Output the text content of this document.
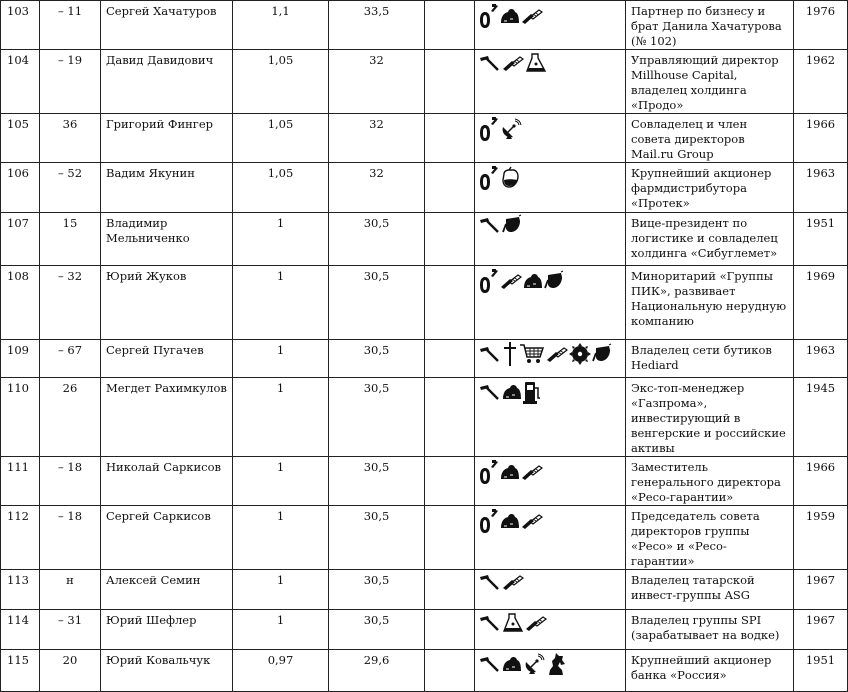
103	– 11	Сергей Хачатуров	1,1	33,5			Партнер по бизнесу и брат Данила Хачатурова (№ 102)	1976
104	– 19	Давид Давидович	1,05	32			Управляющий директор Millhouse Capital, владелец холдинга «Продо»	1962
105	36	Григорий Фингер	1,05	32			Совладелец и член совета директоров Mail.ru Group	1966
106	– 52	Вадим Якунин	1,05	32			Крупнейший акционер фармдистрибутора «Протек»	1963
107	15	Владимир Мельниченко	1	30,5			Вице-президент по логистике и совладелец холдинга «Сибуглемет»	1951
108	– 32	Юрий Жуков	1	30,5			Миноритарий «Группы ПИК», развивает Национальную нерудную компанию	1969
109	– 67	Сергей Пугачев	1	30,5			Владелец сети бутиков Hediard	1963
110	26	Мегдет Рахимкулов	1	30,5			Экс-топ-менеджер «Газпрома», инвестирующий в венгерские и российские активы	1945
111	– 18	Николай Саркисов	1	30,5			Заместитель генерального директора «Ресо-гарантии»	1966
112	– 18	Сергей Саркисов	1	30,5			Председатель совета директоров группы «Ресо» и «Ресо-гарантии»	1959
113	н	Алексей Семин	1	30,5			Владелец татарской инвест-группы ASG	1967
114	– 31	Юрий Шефлер	1	30,5			Владелец группы SPI (зарабатывает на водке)	1967
115	20	Юрий Ковальчук	0,97	29,6			Крупнейший акционер банка «Россия»	1951
